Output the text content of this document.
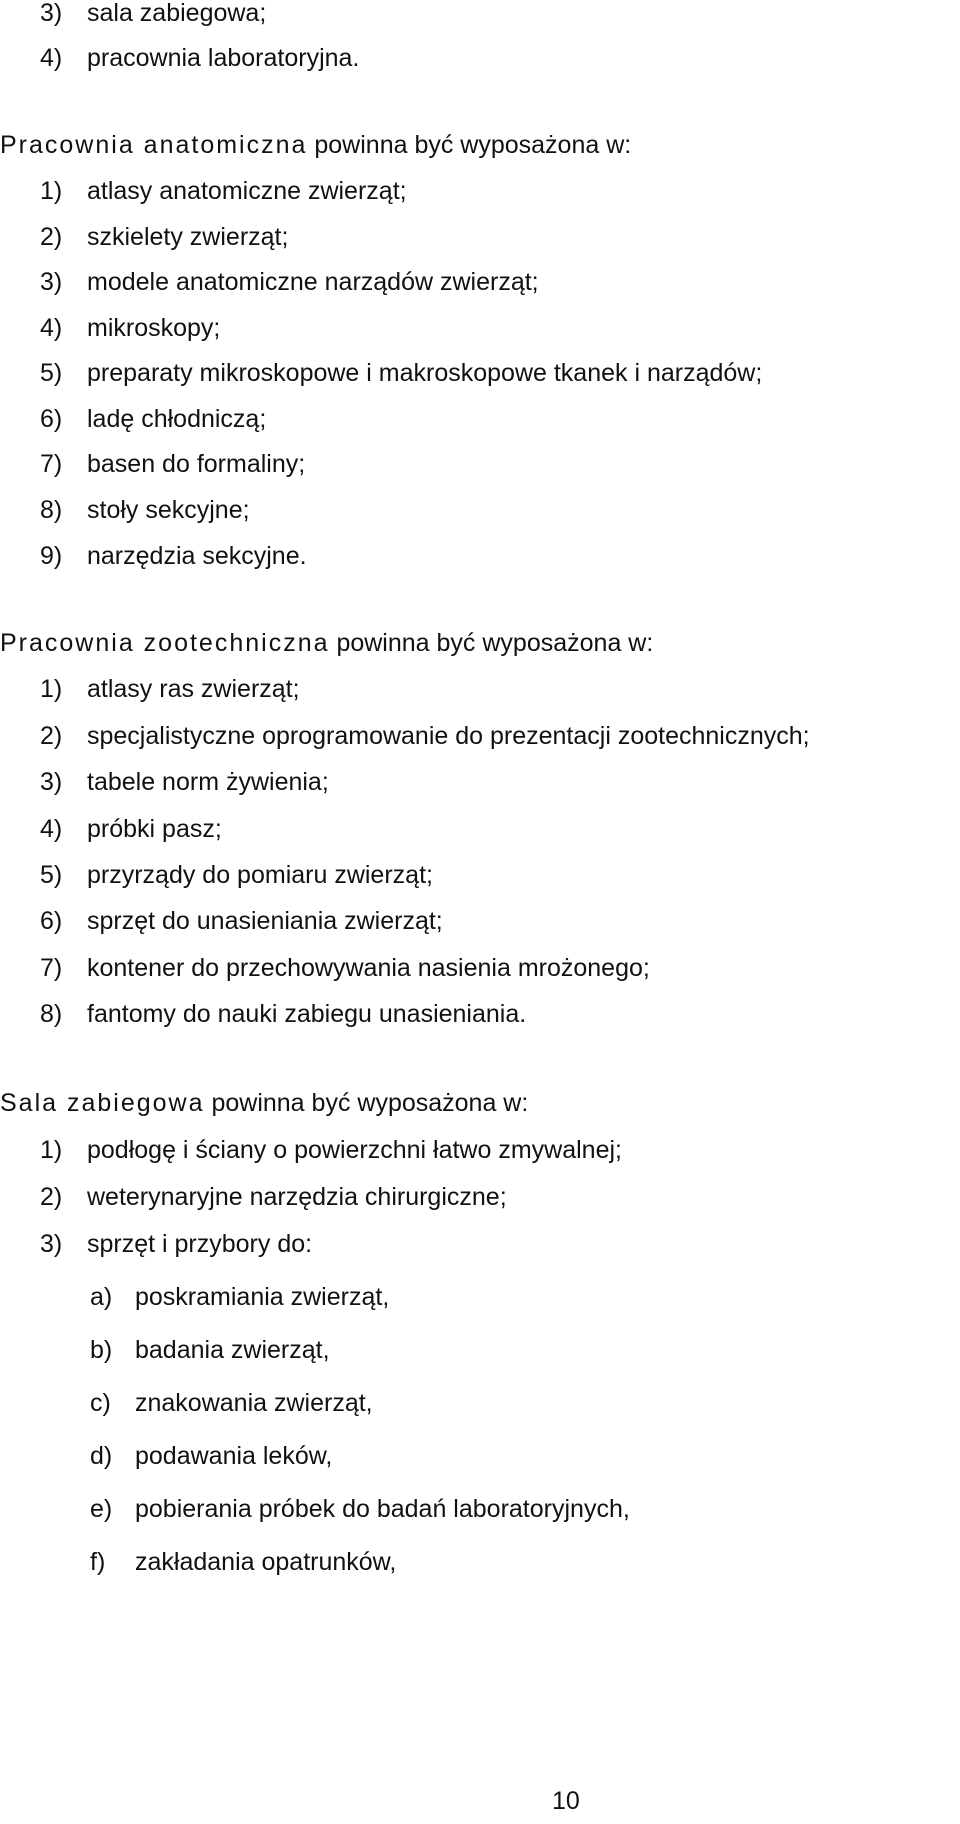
3) sala zabiegowa;
4) pracownia laboratoryjna.
Pracownia anatomiczna powinna być wyposażona w:
1) atlasy anatomiczne zwierząt;
2) szkielety zwierząt;
3) modele anatomiczne narządów zwierząt;
4) mikroskopy;
5) preparaty mikroskopowe i makroskopowe tkanek i narządów;
6) ladę chłodniczą;
7) basen do formaliny;
8) stoły sekcyjne;
9) narzędzia sekcyjne.
Pracownia zootechniczna powinna być wyposażona w:
1) atlasy ras zwierząt;
2) specjalistyczne oprogramowanie do prezentacji zootechnicznych;
3) tabele norm żywienia;
4) próbki pasz;
5) przyrządy do pomiaru zwierząt;
6) sprzęt do unasieniania zwierząt;
7) kontener do przechowywania nasienia mrożonego;
8) fantomy do nauki zabiegu unasieniania.
Sala zabiegowa powinna być wyposażona w:
1) podłogę i ściany o powierzchni łatwo zmywalnej;
2) weterynaryjne narzędzia chirurgiczne;
3) sprzęt i przybory do:
a) poskramiania zwierząt,
b) badania zwierząt,
c) znakowania zwierząt,
d) podawania leków,
e) pobierania próbek do badań laboratoryjnych,
f) zakładania opatrunków,
10
